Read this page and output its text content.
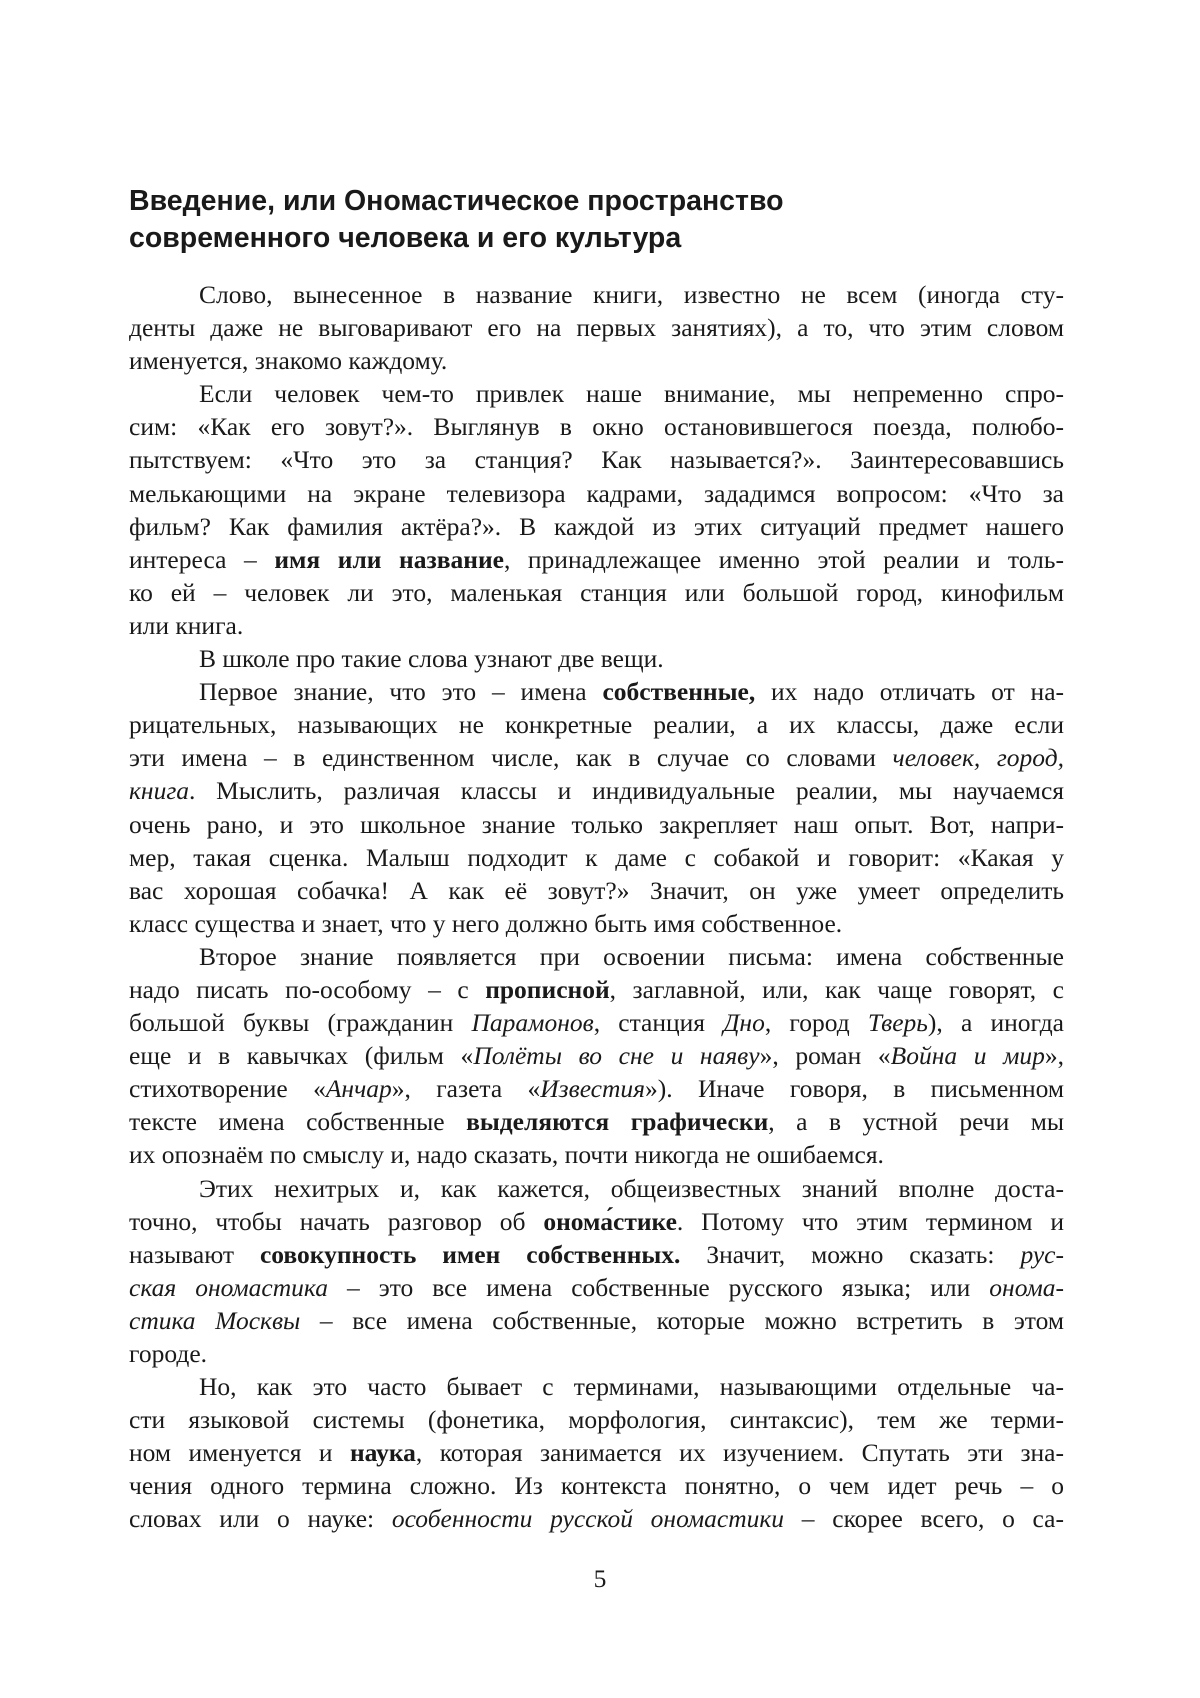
Введение, или Ономастическое пространство
современного человека и его культура

Слово, вынесенное в название книги, известно не всем (иногда сту-
денты даже не выговаривают его на первых занятиях), а то, что этим словом
именуется, знакомо каждому.

Если человек чем-то привлек наше внимание, мы непременно спро-
сим: «Как его зовут?». Выглянув в окно остановившегося поезда, полюбо-
пытствуем: «Что это за станция? Как называется?». Заинтересовавшись
мелькающими на экране телевизора кадрами, зададимся вопросом: «Что за
фильм? Как фамилия актёра?». В каждой из этих ситуаций предмет нашего
интереса – имя или название, принадлежащее именно этой реалии и толь-
ко ей – человек ли это, маленькая станция или большой город, кинофильм
или книга.

В школе про такие слова узнают две вещи.

Первое знание, что это – имена собственные, их надо отличать от на-
рицательных, называющих не конкретные реалии, а их классы, даже если
эти имена – в единственном числе, как в случае со словами человек, город,
книга. Мыслить, различая классы и индивидуальные реалии, мы научаемся
очень рано, и это школьное знание только закрепляет наш опыт. Вот, напри-
мер, такая сценка. Малыш подходит к даме с собакой и говорит: «Какая у
вас хорошая собачка! А как её зовут?» Значит, он уже умеет определить
класс существа и знает, что у него должно быть имя собственное.

Второе знание появляется при освоении письма: имена собственные
надо писать по-особому – с прописной, заглавной, или, как чаще говорят, с
большой буквы (гражданин Парамонов, станция Дно, город Тверь), а иногда
еще и в кавычках (фильм «Полёты во сне и наяву», роман «Война и мир»,
стихотворение «Анчар», газета «Известия»). Иначе говоря, в письменном
тексте имена собственные выделяются графически, а в устной речи мы
их опознаём по смыслу и, надо сказать, почти никогда не ошибаемся.

Этих нехитрых и, как кажется, общеизвестных знаний вполне доста-
точно, чтобы начать разговор об онома́стике. Потому что этим термином и
называют совокупность имен собственных. Значит, можно сказать: рус-
ская ономастика – это все имена собственные русского языка; или онома-
стика Москвы – все имена собственные, которые можно встретить в этом
городе.

Но, как это часто бывает с терминами, называющими отдельные ча-
сти языковой системы (фонетика, морфология, синтаксис), тем же терми-
ном именуется и наука, которая занимается их изучением. Спутать эти зна-
чения одного термина сложно. Из контекста понятно, о чем идет речь – о
словах или о науке: особенности русской ономастики – скорее всего, о са-

5
